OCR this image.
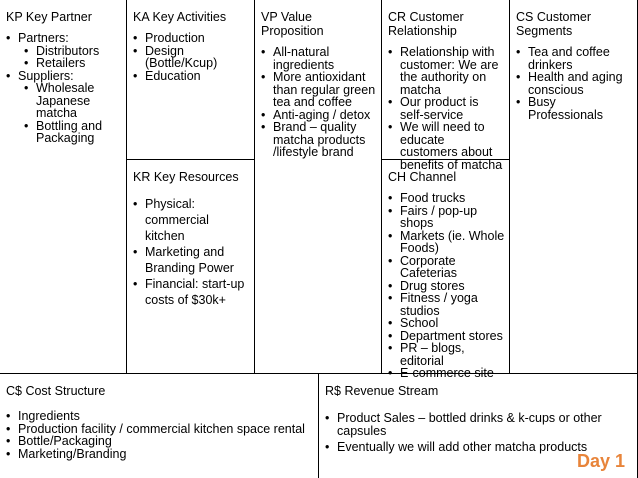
KP Key Partner
• Partners:
• Distributors
• Retailers
• Suppliers:
• Wholesale Japanese matcha
• Bottling and Packaging
KA Key Activities
• Production
• Design (Bottle/Kcup)
• Education
KR Key Resources
• Physical: commercial kitchen
• Marketing and Branding Power
• Financial: start-up costs of $30k+
VP Value Proposition
• All-natural ingredients
• More antioxidant than regular green tea and coffee
• Anti-aging / detox
• Brand – quality matcha products /lifestyle brand
CR Customer Relationship
• Relationship with customer: We are the authority on matcha
• Our product is self-service
• We will need to educate customers about benefits of matcha
CH Channel
• Food trucks
• Fairs / pop-up shops
• Markets (ie. Whole Foods)
• Corporate Cafeterias
• Drug stores
• Fitness / yoga studios
• School
• Department stores
• PR – blogs, editorial
• E-commerce site
CS Customer Segments
• Tea and coffee drinkers
• Health and aging conscious
• Busy Professionals
C$ Cost Structure
• Ingredients
• Production facility / commercial kitchen space rental
• Bottle/Packaging
• Marketing/Branding
R$ Revenue Stream
• Product Sales – bottled drinks & k-cups or other capsules
• Eventually we will add other matcha products
Day 1
